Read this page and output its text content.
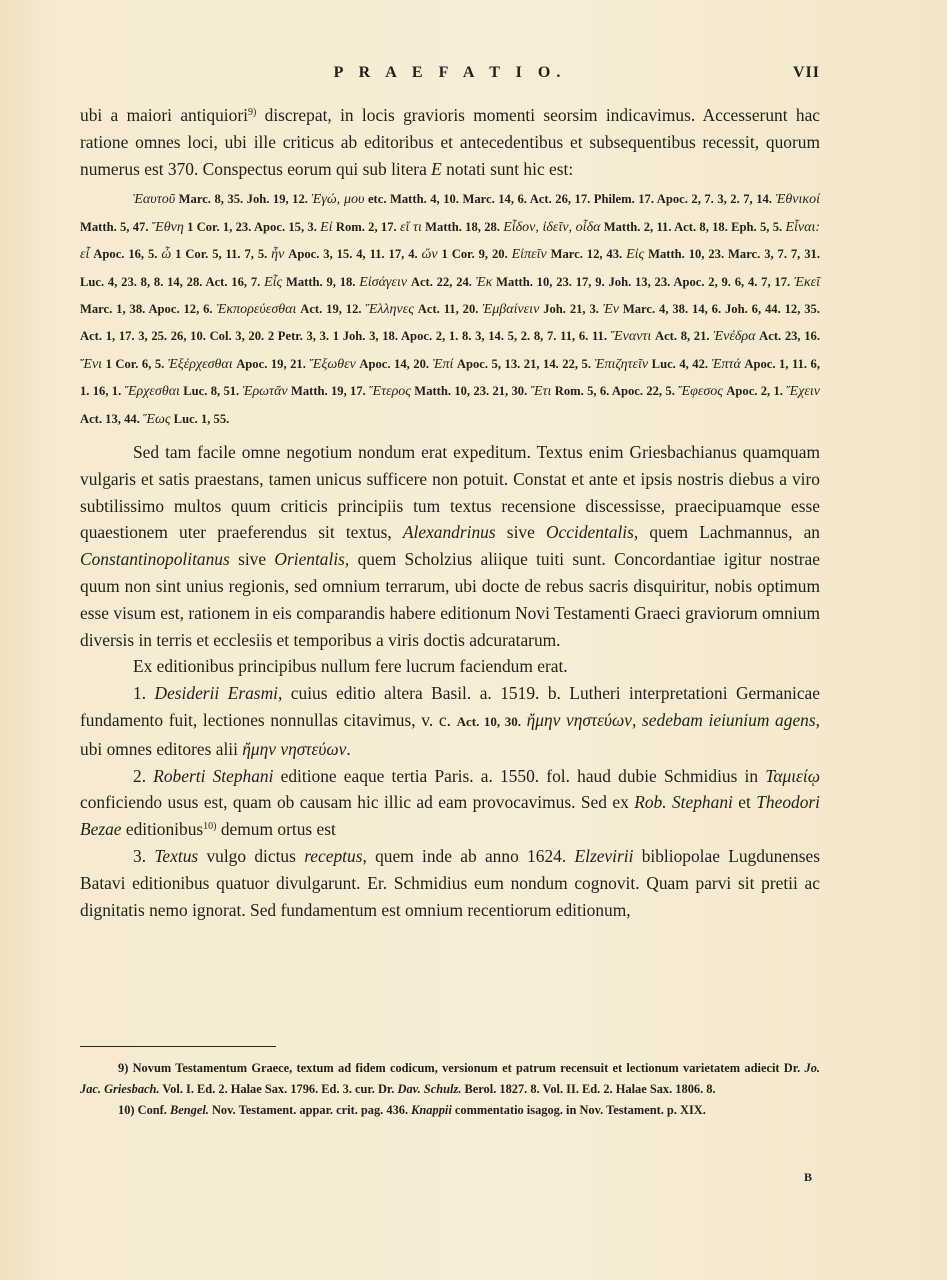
P R A E F A T I O.	VII

ubi a maiori antiquiori$^{9)}$ discrepat, in locis gravioris momenti seorsim indicavimus. Accesserunt hac ratione omnes loci, ubi ille criticus ab editoribus et antecedentibus et subsequentibus recessit, quorum numerus est 370. Conspectus eorum qui sub litera E notati sunt hic est:

Ἑαυτοῦ Marc. 8, 35. Joh. 19, 12. Ἐγώ, μου etc. Matth. 4, 10. Marc. 14, 6. Act. 26, 17. Philem. 17. Apoc. 2, 7. 3, 2. 7, 14. Ἐθνικοί Matth. 5, 47. Ἔθνη 1 Cor. 1, 23. Apoc. 15, 3. Εἰ Rom. 2, 17. εἴ τι Matth. 18, 28. Εἶδον, ἰδεῖν, οἶδα Matth. 2, 11. Act. 8, 18. Eph. 5, 5. Εἶναι: εἶ Apoc. 16, 5. ὦ 1 Cor. 5, 11. 7, 5. ἦν Apoc. 3, 15. 4, 11. 17, 4. ὤν 1 Cor. 9, 20. Εἰπεῖν Marc. 12, 43. Εἰς Matth. 10, 23. Marc. 3, 7. 7, 31. Luc. 4, 23. 8, 8. 14, 28. Act. 16, 7. Εἷς Matth. 9, 18. Εἰσάγειν Act. 22, 24. Ἐκ Matth. 10, 23. 17, 9. Joh. 13, 23. Apoc. 2, 9. 6, 4. 7, 17. Ἐκεῖ Marc. 1, 38. Apoc. 12, 6. Ἐκπορεύεσθαι Act. 19, 12. Ἕλληνες Act. 11, 20. Ἐμβαίνειν Joh. 21, 3. Ἐν Marc. 4, 38. 14, 6. Joh. 6, 44. 12, 35. Act. 1, 17. 3, 25. 26, 10. Col. 3, 20. 2 Petr. 3, 3. 1 Joh. 3, 18. Apoc. 2, 1. 8. 3, 14. 5, 2. 8, 7. 11, 6. 11. Ἔναντι Act. 8, 21. Ἐνέδρα Act. 23, 16. Ἔνι 1 Cor. 6, 5. Ἐξέρχεσθαι Apoc. 19, 21. Ἔξωθεν Apoc. 14, 20. Ἐπί Apoc. 5, 13. 21, 14. 22, 5. Ἐπιζητεῖν Luc. 4, 42. Ἑπτά Apoc. 1, 11. 6, 1. 16, 1. Ἔρχεσθαι Luc. 8, 51. Ἐρωτᾶν Matth. 19, 17. Ἕτερος Matth. 10, 23. 21, 30. Ἔτι Rom. 5, 6. Apoc. 22, 5. Ἔφεσος Apoc. 2, 1. Ἔχειν Act. 13, 44. Ἕως Luc. 1, 55.

Sed tam facile omne negotium nondum erat expeditum. Textus enim Griesbachianus quamquam vulgaris et satis praestans, tamen unicus sufficere non potuit. Constat et ante et ipsis nostris diebus a viro subtilissimo multos quum criticis principiis tum textus recensione discessisse, praecipuamque esse quaestionem uter praeferendus sit textus, Alexandrinus sive Occidentalis, quem Lachmannus, an Constantinopolitanus sive Orientalis, quem Scholzius aliique tuiti sunt. Concordantiae igitur nostrae quum non sint unius regionis, sed omnium terrarum, ubi docte de rebus sacris disquiritur, nobis optimum esse visum est, rationem in eis comparandis habere editionum Novi Testamenti Graeci graviorum omnium diversis in terris et ecclesiis et temporibus a viris doctis adcuratarum.

Ex editionibus principibus nullum fere lucrum faciendum erat.

1. Desiderii Erasmi, cuius editio altera Basil. a. 1519. b. Lutheri interpretationi Germanicae fundamento fuit, lectiones nonnullas citavimus, v. c. Act. 10, 30. ἤμην νηστεύων, sedebam ieiunium agens, ubi omnes editores alii ἤμην νηστεύων.

2. Roberti Stephani editione eaque tertia Paris. a. 1550. fol. haud dubie Schmidius in Ταμιείῳ conficiendo usus est, quam ob causam hic illic ad eam provocavimus. Sed ex Rob. Stephani et Theodori Bezae editionibus$^{10)}$ demum ortus est

3. Textus vulgo dictus receptus, quem inde ab anno 1624. Elzevirii bibliopolae Lugdunenses Batavi editionibus quatuor divulgarunt. Er. Schmidius eum nondum cognovit. Quam parvi sit pretii ac dignitatis nemo ignorat. Sed fundamentum est omnium recentiorum editionum,

9) Novum Testamentum Graece, textum ad fidem codicum, versionum et patrum recensuit et lectionum varietatem adiecit Dr. Jo. Jac. Griesbach. Vol. I. Ed. 2. Halae Sax. 1796. Ed. 3. cur. Dr. Dav. Schulz. Berol. 1827. 8. Vol. II. Ed. 2. Halae Sax. 1806. 8.

10) Conf. Bengel. Nov. Testament. appar. crit. pag. 436. Knappii commentatio isagog. in Nov. Testament. p. XIX.

B
